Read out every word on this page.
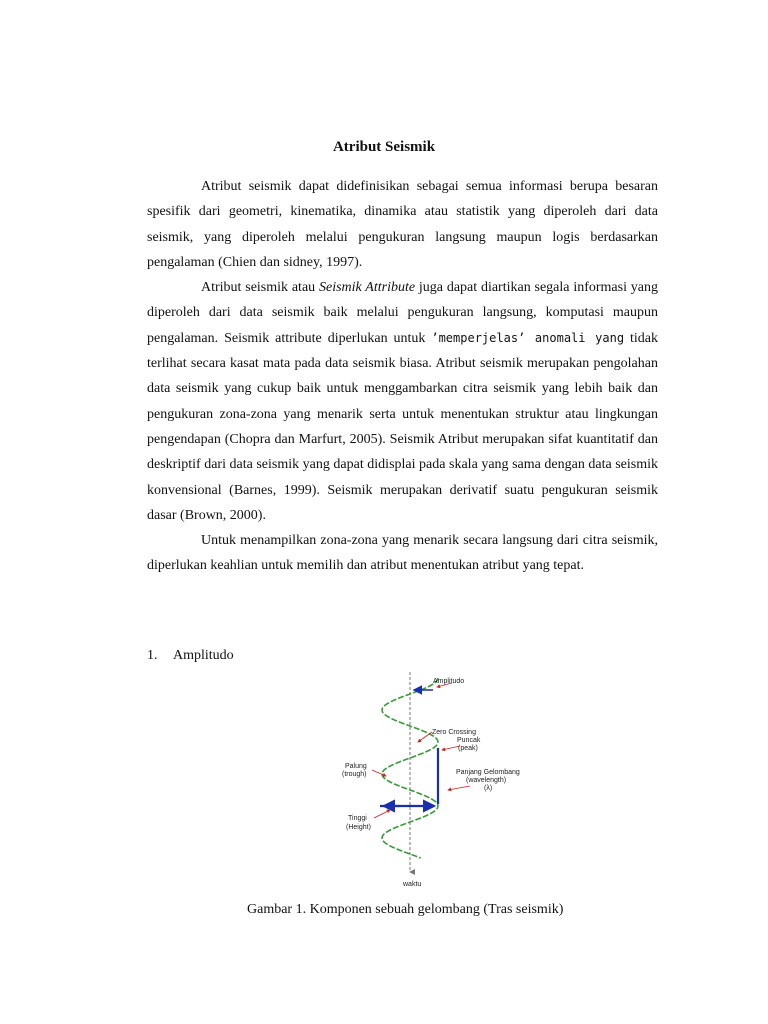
Atribut Seismik

Atribut seismik dapat didefinisikan sebagai semua informasi berupa besaran spesifik dari geometri, kinematika, dinamika atau statistik yang diperoleh dari data seismik, yang diperoleh melalui pengukuran langsung maupun logis berdasarkan pengalaman (Chien dan sidney, 1997).

Atribut seismik atau Seismik Attribute juga dapat diartikan segala informasi yang diperoleh dari data seismik baik melalui pengukuran langsung, komputasi maupun pengalaman. Seismik attribute diperlukan untuk ’memperjelas’ anomali yang tidak terlihat secara kasat mata pada data seismik biasa. Atribut seismik merupakan pengolahan data seismik yang cukup baik untuk menggambarkan citra seismik yang lebih baik dan pengukuran zona-zona yang menarik serta untuk menentukan struktur atau lingkungan pengendapan (Chopra dan Marfurt, 2005). Seismik Atribut merupakan sifat kuantitatif dan deskriptif dari data seismik yang dapat didisplai pada skala yang sama dengan data seismik konvensional (Barnes, 1999). Seismik merupakan derivatif suatu pengukuran seismik dasar (Brown, 2000).

Untuk menampilkan zona-zona yang menarik secara langsung dari citra seismik, diperlukan keahlian untuk memilih dan atribut menentukan atribut yang tepat.

1. Amplitudo
Amplitudo
Zero Crossing
Puncak
(peak)
Palung
(trough)	Panjang Gelombang
(wavelength)
(λ)
Tinggi
(Height)
waktu
Gambar 1. Komponen sebuah gelombang (Tras seismik)
